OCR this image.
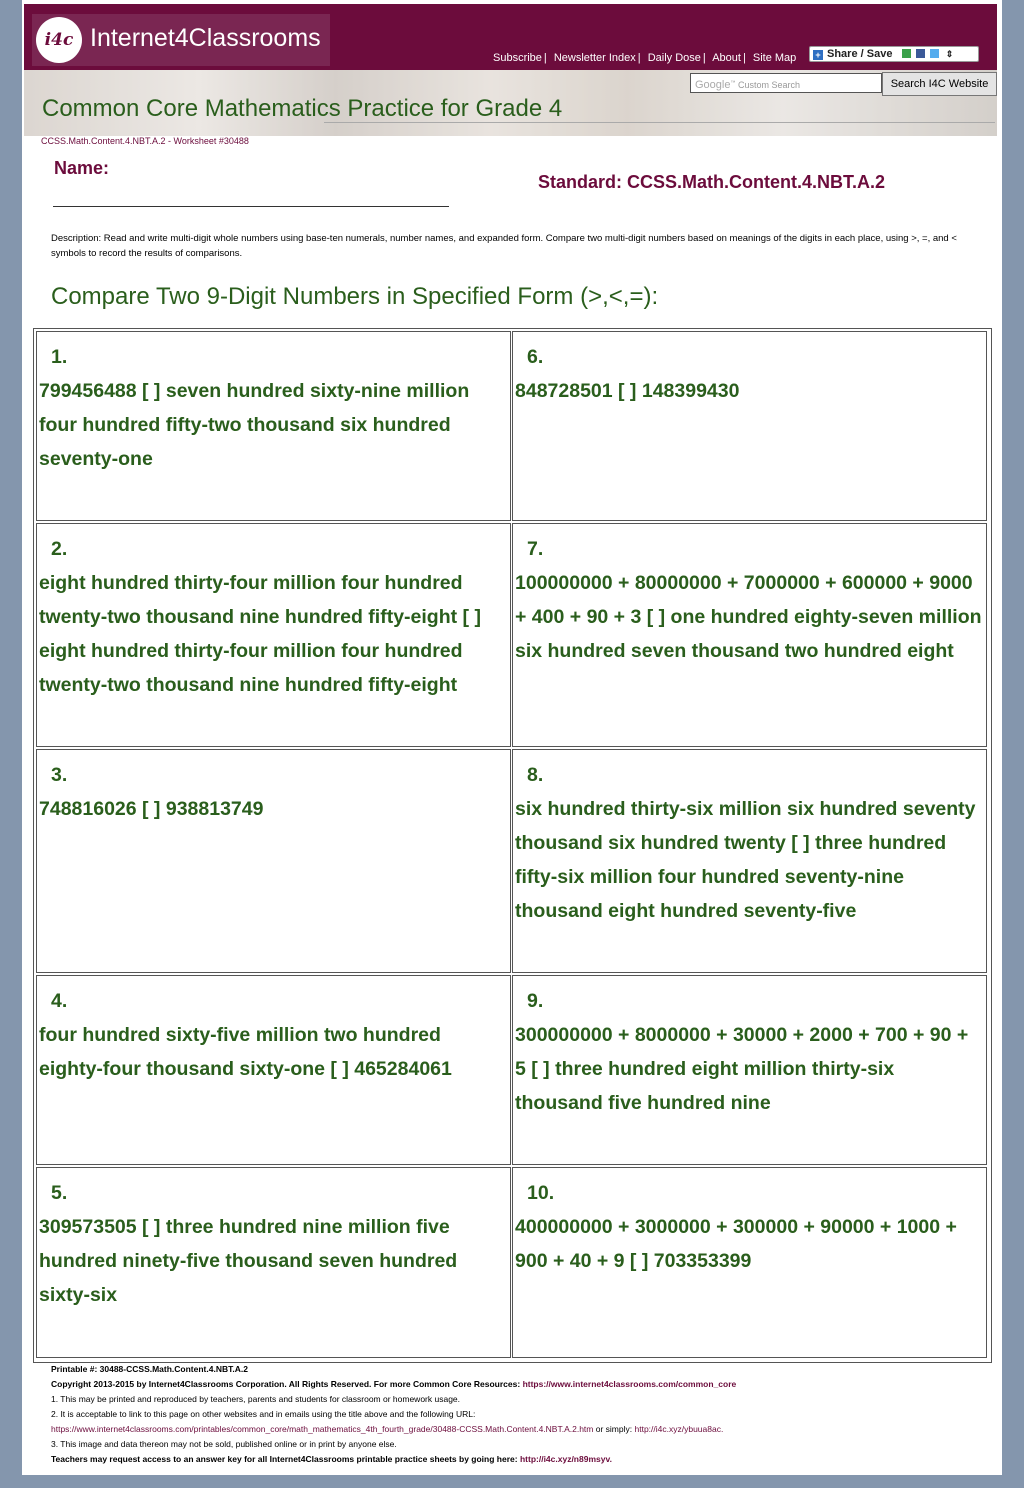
i4c Internet4Classrooms
Subscribe | Newsletter Index | Daily Dose | About | Site Map	+ Share / Save	⇕
Google™ Custom Search	Search I4C Website
Common Core Mathematics Practice for Grade 4
CCSS.Math.Content.4.NBT.A.2 - Worksheet #30488
Name:
Standard: CCSS.Math.Content.4.NBT.A.2
Description: Read and write multi-digit whole numbers using base-ten numerals, number names, and expanded form. Compare two multi-digit numbers based on meanings of the digits in each place, using >, =, and < symbols to record the results of comparisons.
Compare Two 9-Digit Numbers in Specified Form (>,<,=):
1.
799456488 [ ] seven hundred sixty-nine million four hundred fifty-two thousand six hundred seventy-one
6.
848728501 [ ] 148399430
2.
eight hundred thirty-four million four hundred twenty-two thousand nine hundred fifty-eight [ ] eight hundred thirty-four million four hundred twenty-two thousand nine hundred fifty-eight
7.
100000000 + 80000000 + 7000000 + 600000 + 9000 + 400 + 90 + 3 [ ] one hundred eighty-seven million six hundred seven thousand two hundred eight
3.
748816026 [ ] 938813749
8.
six hundred thirty-six million six hundred seventy thousand six hundred twenty [ ] three hundred fifty-six million four hundred seventy-nine thousand eight hundred seventy-five
4.
four hundred sixty-five million two hundred eighty-four thousand sixty-one [ ] 465284061
9.
300000000 + 8000000 + 30000 + 2000 + 700 + 90 + 5 [ ] three hundred eight million thirty-six thousand five hundred nine
5.
309573505 [ ] three hundred nine million five hundred ninety-five thousand seven hundred sixty-six
10.
400000000 + 3000000 + 300000 + 90000 + 1000 + 900 + 40 + 9 [ ] 703353399
Printable #: 30488-CCSS.Math.Content.4.NBT.A.2
Copyright 2013-2015 by Internet4Classrooms Corporation. All Rights Reserved. For more Common Core Resources: https://www.internet4classrooms.com/common_core
1. This may be printed and reproduced by teachers, parents and students for classroom or homework usage.
2. It is acceptable to link to this page on other websites and in emails using the title above and the following URL:
https://www.internet4classrooms.com/printables/common_core/math_mathematics_4th_fourth_grade/30488-CCSS.Math.Content.4.NBT.A.2.htm or simply: http://i4c.xyz/ybuua8ac.
3. This image and data thereon may not be sold, published online or in print by anyone else.
Teachers may request access to an answer key for all Internet4Classrooms printable practice sheets by going here: http://i4c.xyz/n89msyv.
